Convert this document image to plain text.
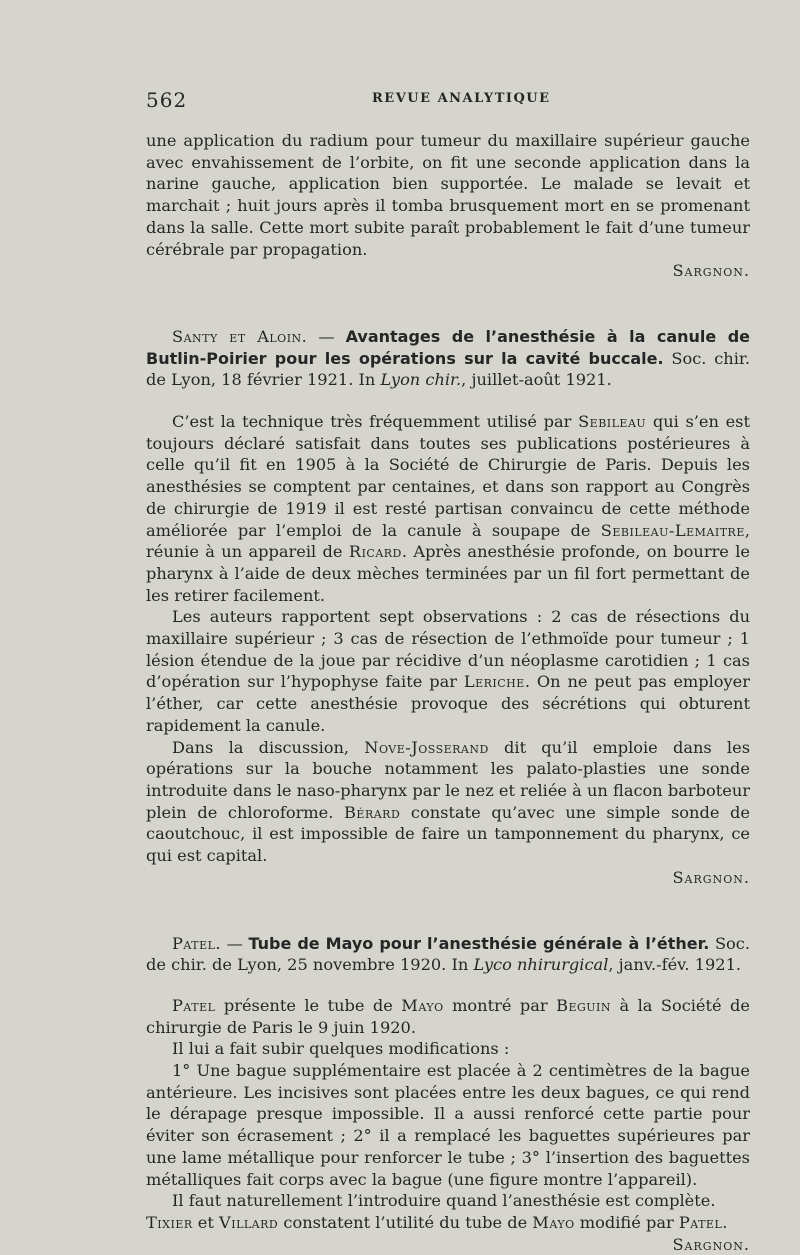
562	REVUE ANALYTIQUE

une application du radium pour tumeur du maxillaire supérieur gauche avec envahissement de l’orbite, on fit une seconde application dans la narine gauche, application bien supportée. Le malade se levait et marchait ; huit jours après il tomba brusquement mort en se promenant dans la salle. Cette mort subite paraît probablement le fait d’une tumeur cérébrale par propagation.

Sargnon.

Santy et Aloin. — Avantages de l’anesthésie à la canule de Butlin-Poirier pour les opérations sur la cavité buccale. Soc. chir. de Lyon, 18 février 1921. In Lyon chir., juillet-août 1921.

C’est la technique très fréquemment utilisé par Sebileau qui s’en est toujours déclaré satisfait dans toutes ses publications postérieures à celle qu’il fit en 1905 à la Société de Chirurgie de Paris. Depuis les anesthésies se comptent par centaines, et dans son rapport au Congrès de chirurgie de 1919 il est resté partisan convaincu de cette méthode améliorée par l’emploi de la canule à soupape de Sebileau-Lemaitre, réunie à un appareil de Ricard. Après anesthésie profonde, on bourre le pharynx à l’aide de deux mèches terminées par un fil fort permettant de les retirer facilement.

Les auteurs rapportent sept observations : 2 cas de résections du maxillaire supérieur ; 3 cas de résection de l’ethmoïde pour tumeur ; 1 lésion étendue de la joue par récidive d’un néoplasme carotidien ; 1 cas d’opération sur l’hypophyse faite par Leriche. On ne peut pas employer l’éther, car cette anesthésie provoque des sécrétions qui obturent rapidement la canule.

Dans la discussion, Nove-Josserand dit qu’il emploie dans les opérations sur la bouche notamment les palato-plasties une sonde introduite dans le naso-pharynx par le nez et reliée à un flacon barboteur plein de chloroforme. Bérard constate qu’avec une simple sonde de caoutchouc, il est impossible de faire un tamponnement du pharynx, ce qui est capital.

Sargnon.

Patel. — Tube de Mayo pour l’anesthésie générale à l’éther. Soc. de chir. de Lyon, 25 novembre 1920. In Lyco nhirurgical, janv.-fév. 1921.

Patel présente le tube de Mayo montré par Beguin à la Société de chirurgie de Paris le 9 juin 1920.

Il lui a fait subir quelques modifications :

1° Une bague supplémentaire est placée à 2 centimètres de la bague antérieure. Les incisives sont placées entre les deux bagues, ce qui rend le dérapage presque impossible. Il a aussi renforcé cette partie pour éviter son écrasement ; 2° il a remplacé les baguettes supérieures par une lame métallique pour renforcer le tube ; 3° l’insertion des baguettes métalliques fait corps avec la bague (une figure montre l’appareil).

Il faut naturellement l’introduire quand l’anesthésie est complète.

Tixier et Villard constatent l’utilité du tube de Mayo modifié par Patel.

Sargnon.
